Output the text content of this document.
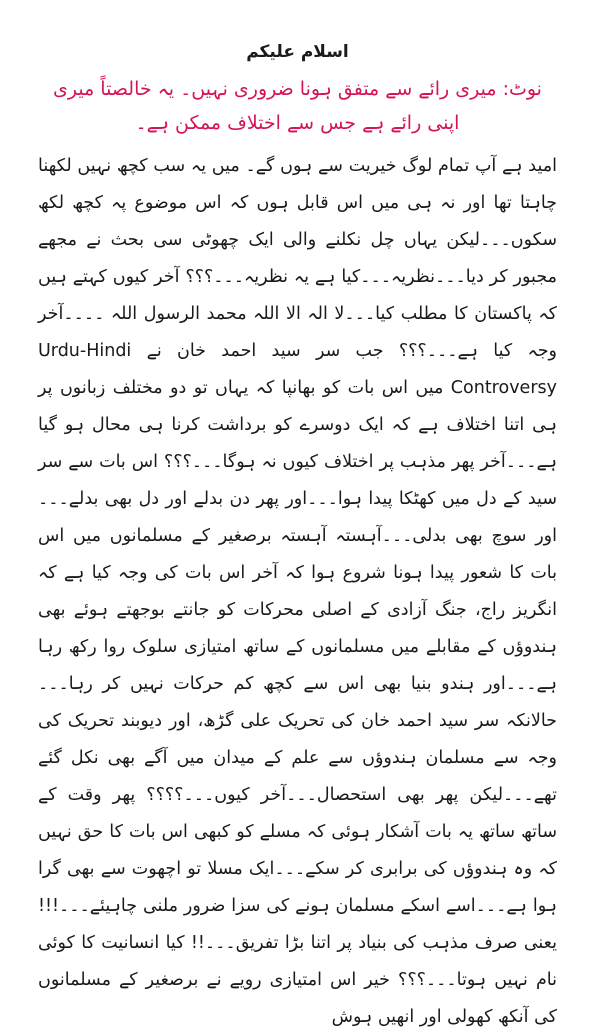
اسلام علیکم

نوٹ: میری رائے سے متفق ہونا ضروری نہیں۔ یہ خالصتاً میری اپنی رائے ہے جس سے اختلاف ممکن ہے۔

امید ہے آپ تمام لوگ خیریت سے ہوں گے۔ میں یہ سب کچھ نہیں لکھنا چاہتا تھا اور نہ ہی میں اس قابل ہوں کہ اس موضوع پہ کچھ لکھ سکوں۔۔۔لیکن یہاں چل نکلنے والی ایک چھوٹی سی بحث نے مجھے مجبور کر دیا۔۔۔نظریہ۔۔۔کیا ہے یہ نظریہ۔۔۔؟؟؟ آخر کیوں کہتے ہیں کہ پاکستان کا مطلب کیا۔۔۔لا الہ الا اللہ محمد الرسول اللہ ۔۔۔۔آخر وجہ کیا ہے۔۔۔؟؟؟ جب سر سید احمد خان نے Urdu-Hindi Controversy میں اس بات کو بھانپا کہ یہاں تو دو مختلف زبانوں پر ہی اتنا اختلاف ہے کہ ایک دوسرے کو برداشت کرنا ہی محال ہو گیا ہے۔۔۔آخر پھر مذہب پر اختلاف کیوں نہ ہوگا۔۔۔؟؟؟ اس بات سے سر سید کے دل میں کھٹکا پیدا ہوا۔۔۔اور پھر دن بدلے اور دل بھی بدلے۔۔۔اور سوچ بھی بدلی۔۔۔آہستہ آہستہ برصغیر کے مسلمانوں میں اس بات کا شعور پیدا ہونا شروع ہوا کہ آخر اس بات کی وجہ کیا ہے کہ انگریز راج، جنگ آزادی کے اصلی محرکات کو جانتے بوجھتے ہوئے بھی ہندوؤں کے مقابلے میں مسلمانوں کے ساتھ امتیازی سلوک روا رکھ رہا ہے۔۔۔اور ہندو بنیا بھی اس سے کچھ کم حرکات نہیں کر رہا۔۔۔حالانکہ سر سید احمد خان کی تحریک علی گڑھ، اور دیوبند تحریک کی وجہ سے مسلمان ہندوؤں سے علم کے میدان میں آگے بھی نکل گئے تھے۔۔۔لیکن پھر بھی استحصال۔۔۔آخر کیوں۔۔۔؟؟؟؟ پھر وقت کے ساتھ ساتھ یہ بات آشکار ہوئی کہ مسلے کو کبھی اس بات کا حق نہیں کہ وہ ہندوؤں کی برابری کر سکے۔۔۔ایک مسلا تو اچھوت سے بھی گرا ہوا ہے۔۔۔اسے اسکے مسلمان ہونے کی سزا ضرور ملنی چاہیئے۔۔۔!!! یعنی صرف مذہب کی بنیاد پر اتنا بڑا تفریق۔۔۔!! کیا انسانیت کا کوئی نام نہیں ہوتا۔۔۔؟؟؟ خیر اس امتیازی رویے نے برصغیر کے مسلمانوں کی آنکھ کھولی اور انھیں ہوش
